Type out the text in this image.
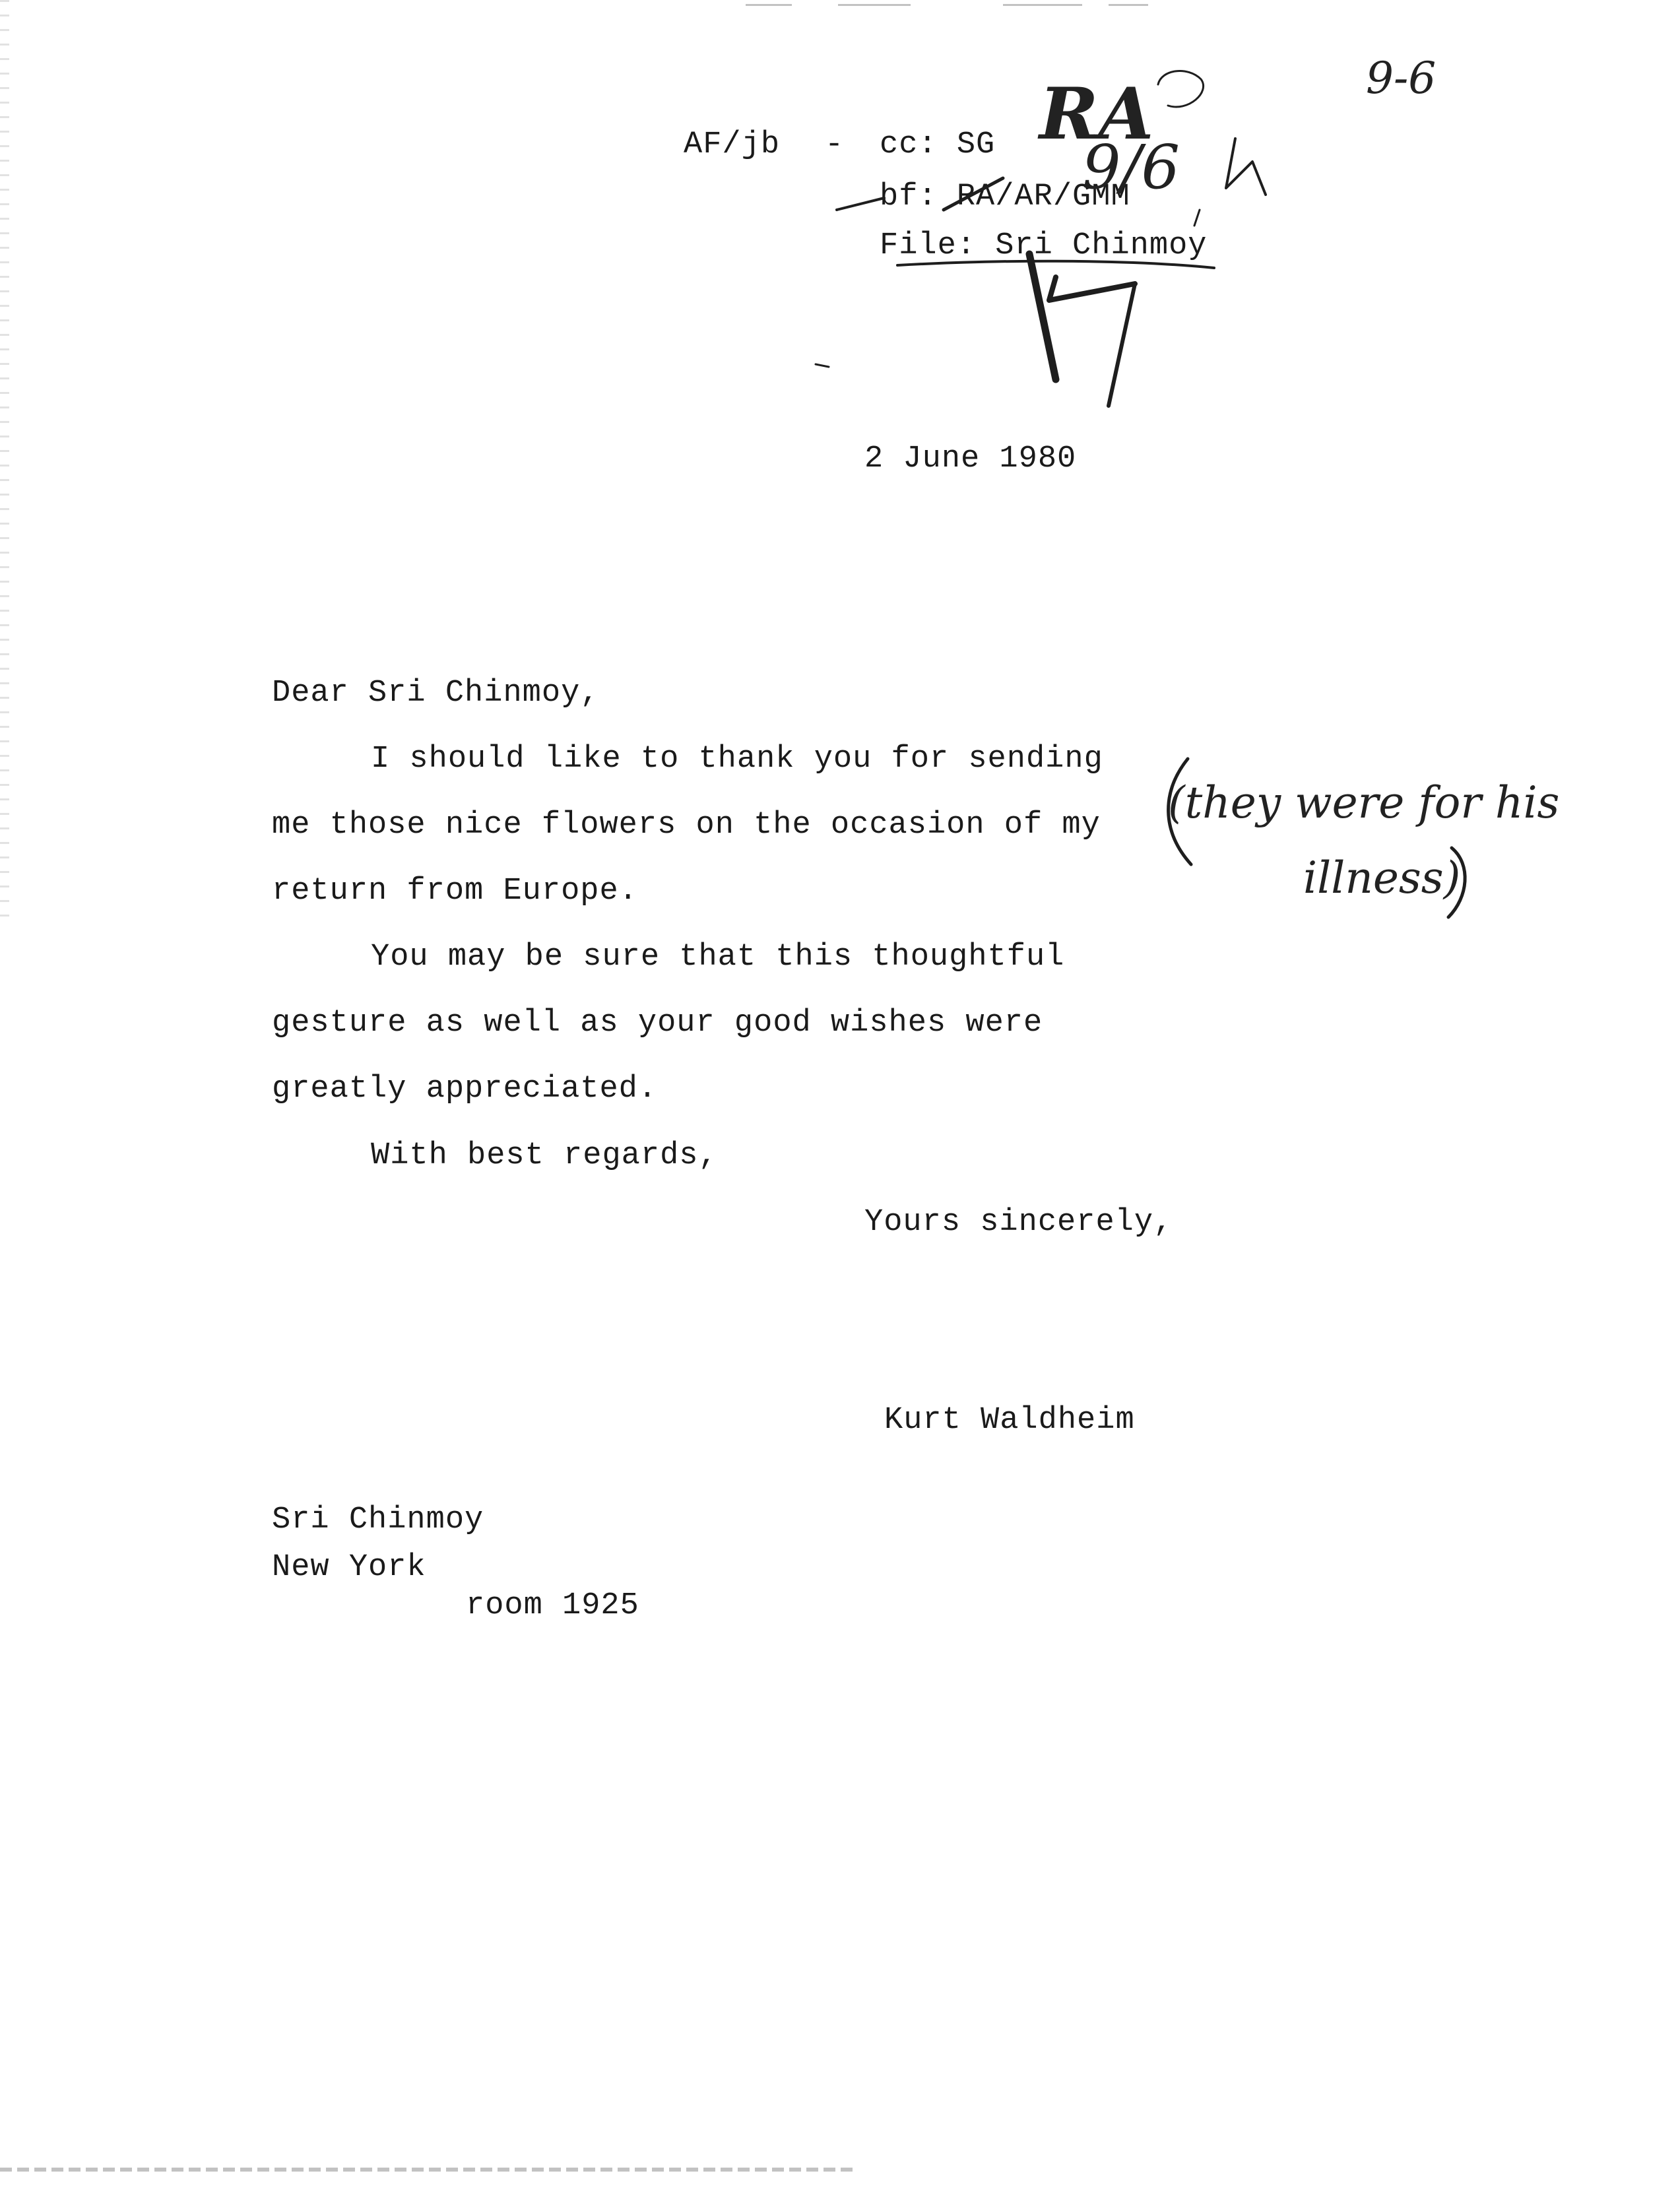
AF/jb - cc: SG
bf: RA/AR/GMM
File: Sri Chinmoy
9-6
RA
9/6
(they were for his
illness)
2 June 1980
Dear Sri Chinmoy,
I should like to thank you for sending
me those nice flowers on the occasion of my
return from Europe.
You may be sure that this thoughtful
gesture as well as your good wishes were
greatly appreciated.
With best regards,
Yours sincerely,
Kurt Waldheim
Sri Chinmoy
New York
room 1925
